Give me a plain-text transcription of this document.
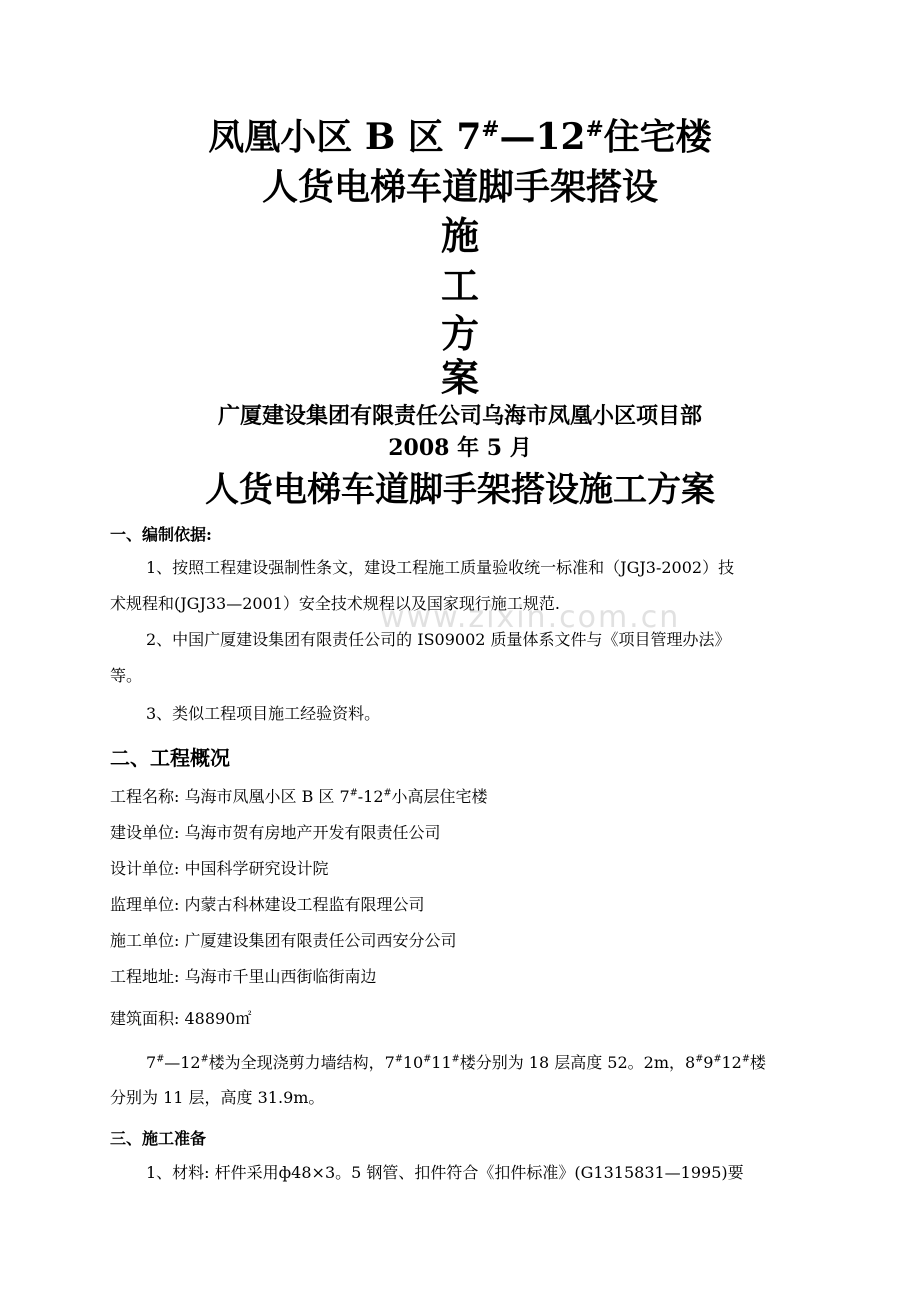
凤凰小区 B 区 7#—12#住宅楼
人货电梯车道脚手架搭设
施
工
方
案
广厦建设集团有限责任公司乌海市凤凰小区项目部
2008 年 5 月
人货电梯车道脚手架搭设施工方案
www.zixin.com.cn
一、编制依据:
1、按照工程建设强制性条文，建设工程施工质量验收统一标准和（JGJ3-2002）技
术规程和(JGJ33—2001）安全技术规程以及国家现行施工规范.
2、中国广厦建设集团有限责任公司的 IS09002 质量体系文件与《项目管理办法》
等。
3、类似工程项目施工经验资料。
二、工程概况
工程名称: 乌海市凤凰小区 B 区 7#-12#小高层住宅楼
建设单位: 乌海市贺有房地产开发有限责任公司
设计单位: 中国科学研究设计院
监理单位: 内蒙古科林建设工程监有限理公司
施工单位: 广厦建设集团有限责任公司西安分公司
工程地址: 乌海市千里山西街临街南边
建筑面积: 48890㎡
7#—12#楼为全现浇剪力墙结构，7#10#11#楼分别为 18 层高度 52。2m，8#9#12#楼
分别为 11 层，高度 31.9m。
三、施工准备
1、材料: 杆件采用ф48×3。5 钢管、扣件符合《扣件标准》(G1315831—1995)要
